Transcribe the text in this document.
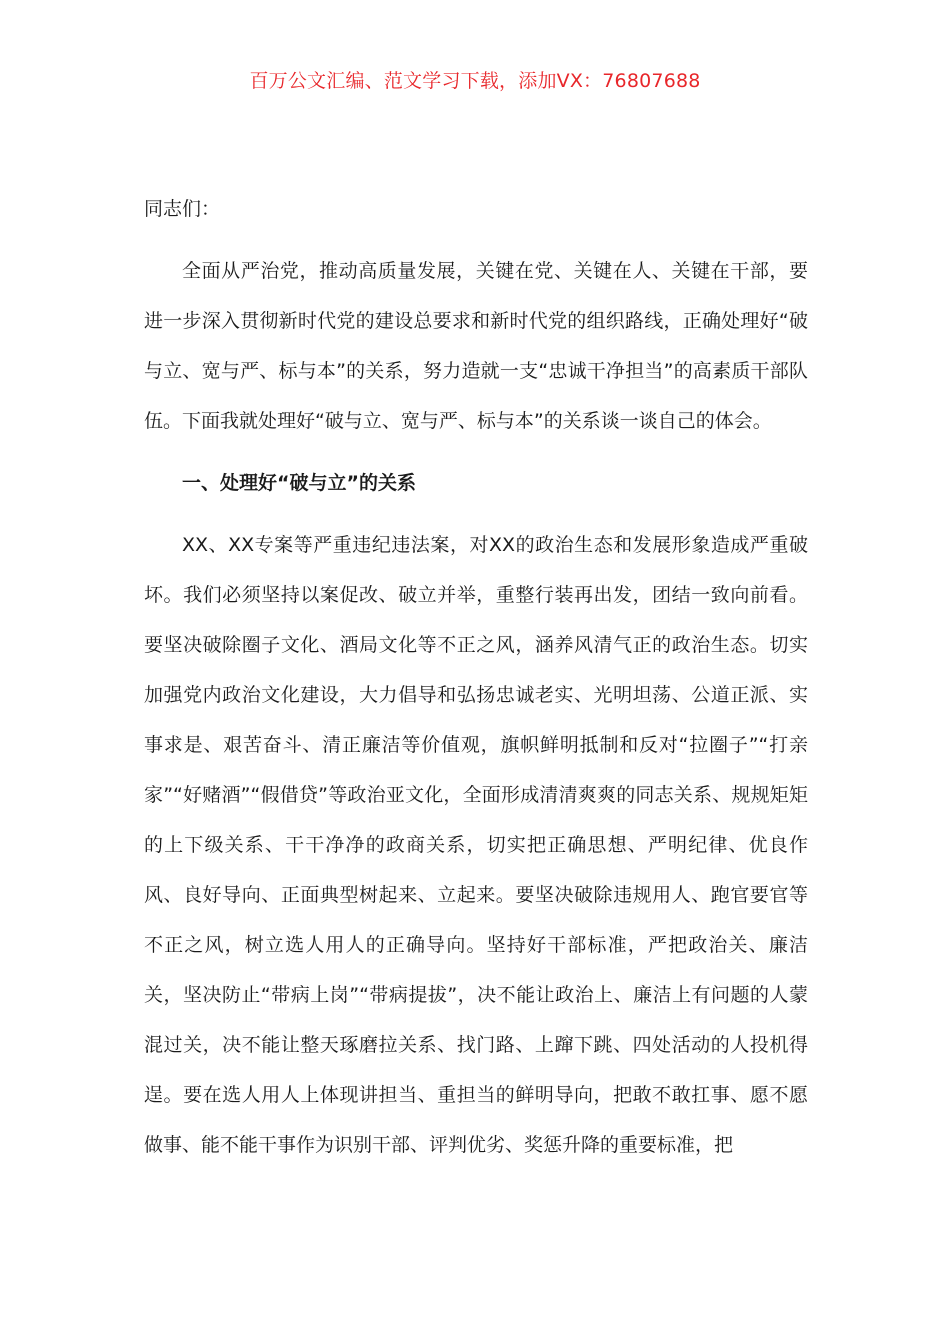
百万公文汇编、范文学习下载，添加VX：76807688

同志们：

全面从严治党，推动高质量发展，关键在党、关键在人、关键在干部，要进一步深入贯彻新时代党的建设总要求和新时代党的组织路线，正确处理好“破与立、宽与严、标与本”的关系，努力造就一支“忠诚干净担当”的高素质干部队伍。下面我就处理好“破与立、宽与严、标与本”的关系谈一谈自己的体会。

一、处理好“破与立”的关系

XX、XX专案等严重违纪违法案，对XX的政治生态和发展形象造成严重破坏。我们必须坚持以案促改、破立并举，重整行装再出发，团结一致向前看。要坚决破除圈子文化、酒局文化等不正之风，涵养风清气正的政治生态。切实加强党内政治文化建设，大力倡导和弘扬忠诚老实、光明坦荡、公道正派、实事求是、艰苦奋斗、清正廉洁等价值观，旗帜鲜明抵制和反对“拉圈子”“打亲家”“好赌酒”“假借贷”等政治亚文化，全面形成清清爽爽的同志关系、规规矩矩的上下级关系、干干净净的政商关系，切实把正确思想、严明纪律、优良作风、良好导向、正面典型树起来、立起来。要坚决破除违规用人、跑官要官等不正之风，树立选人用人的正确导向。坚持好干部标准，严把政治关、廉洁关，坚决防止“带病上岗”“带病提拔”，决不能让政治上、廉洁上有问题的人蒙混过关，决不能让整天琢磨拉关系、找门路、上蹿下跳、四处活动的人投机得逞。要在选人用人上体现讲担当、重担当的鲜明导向，把敢不敢扛事、愿不愿做事、能不能干事作为识别干部、评判优劣、奖惩升降的重要标准，把
